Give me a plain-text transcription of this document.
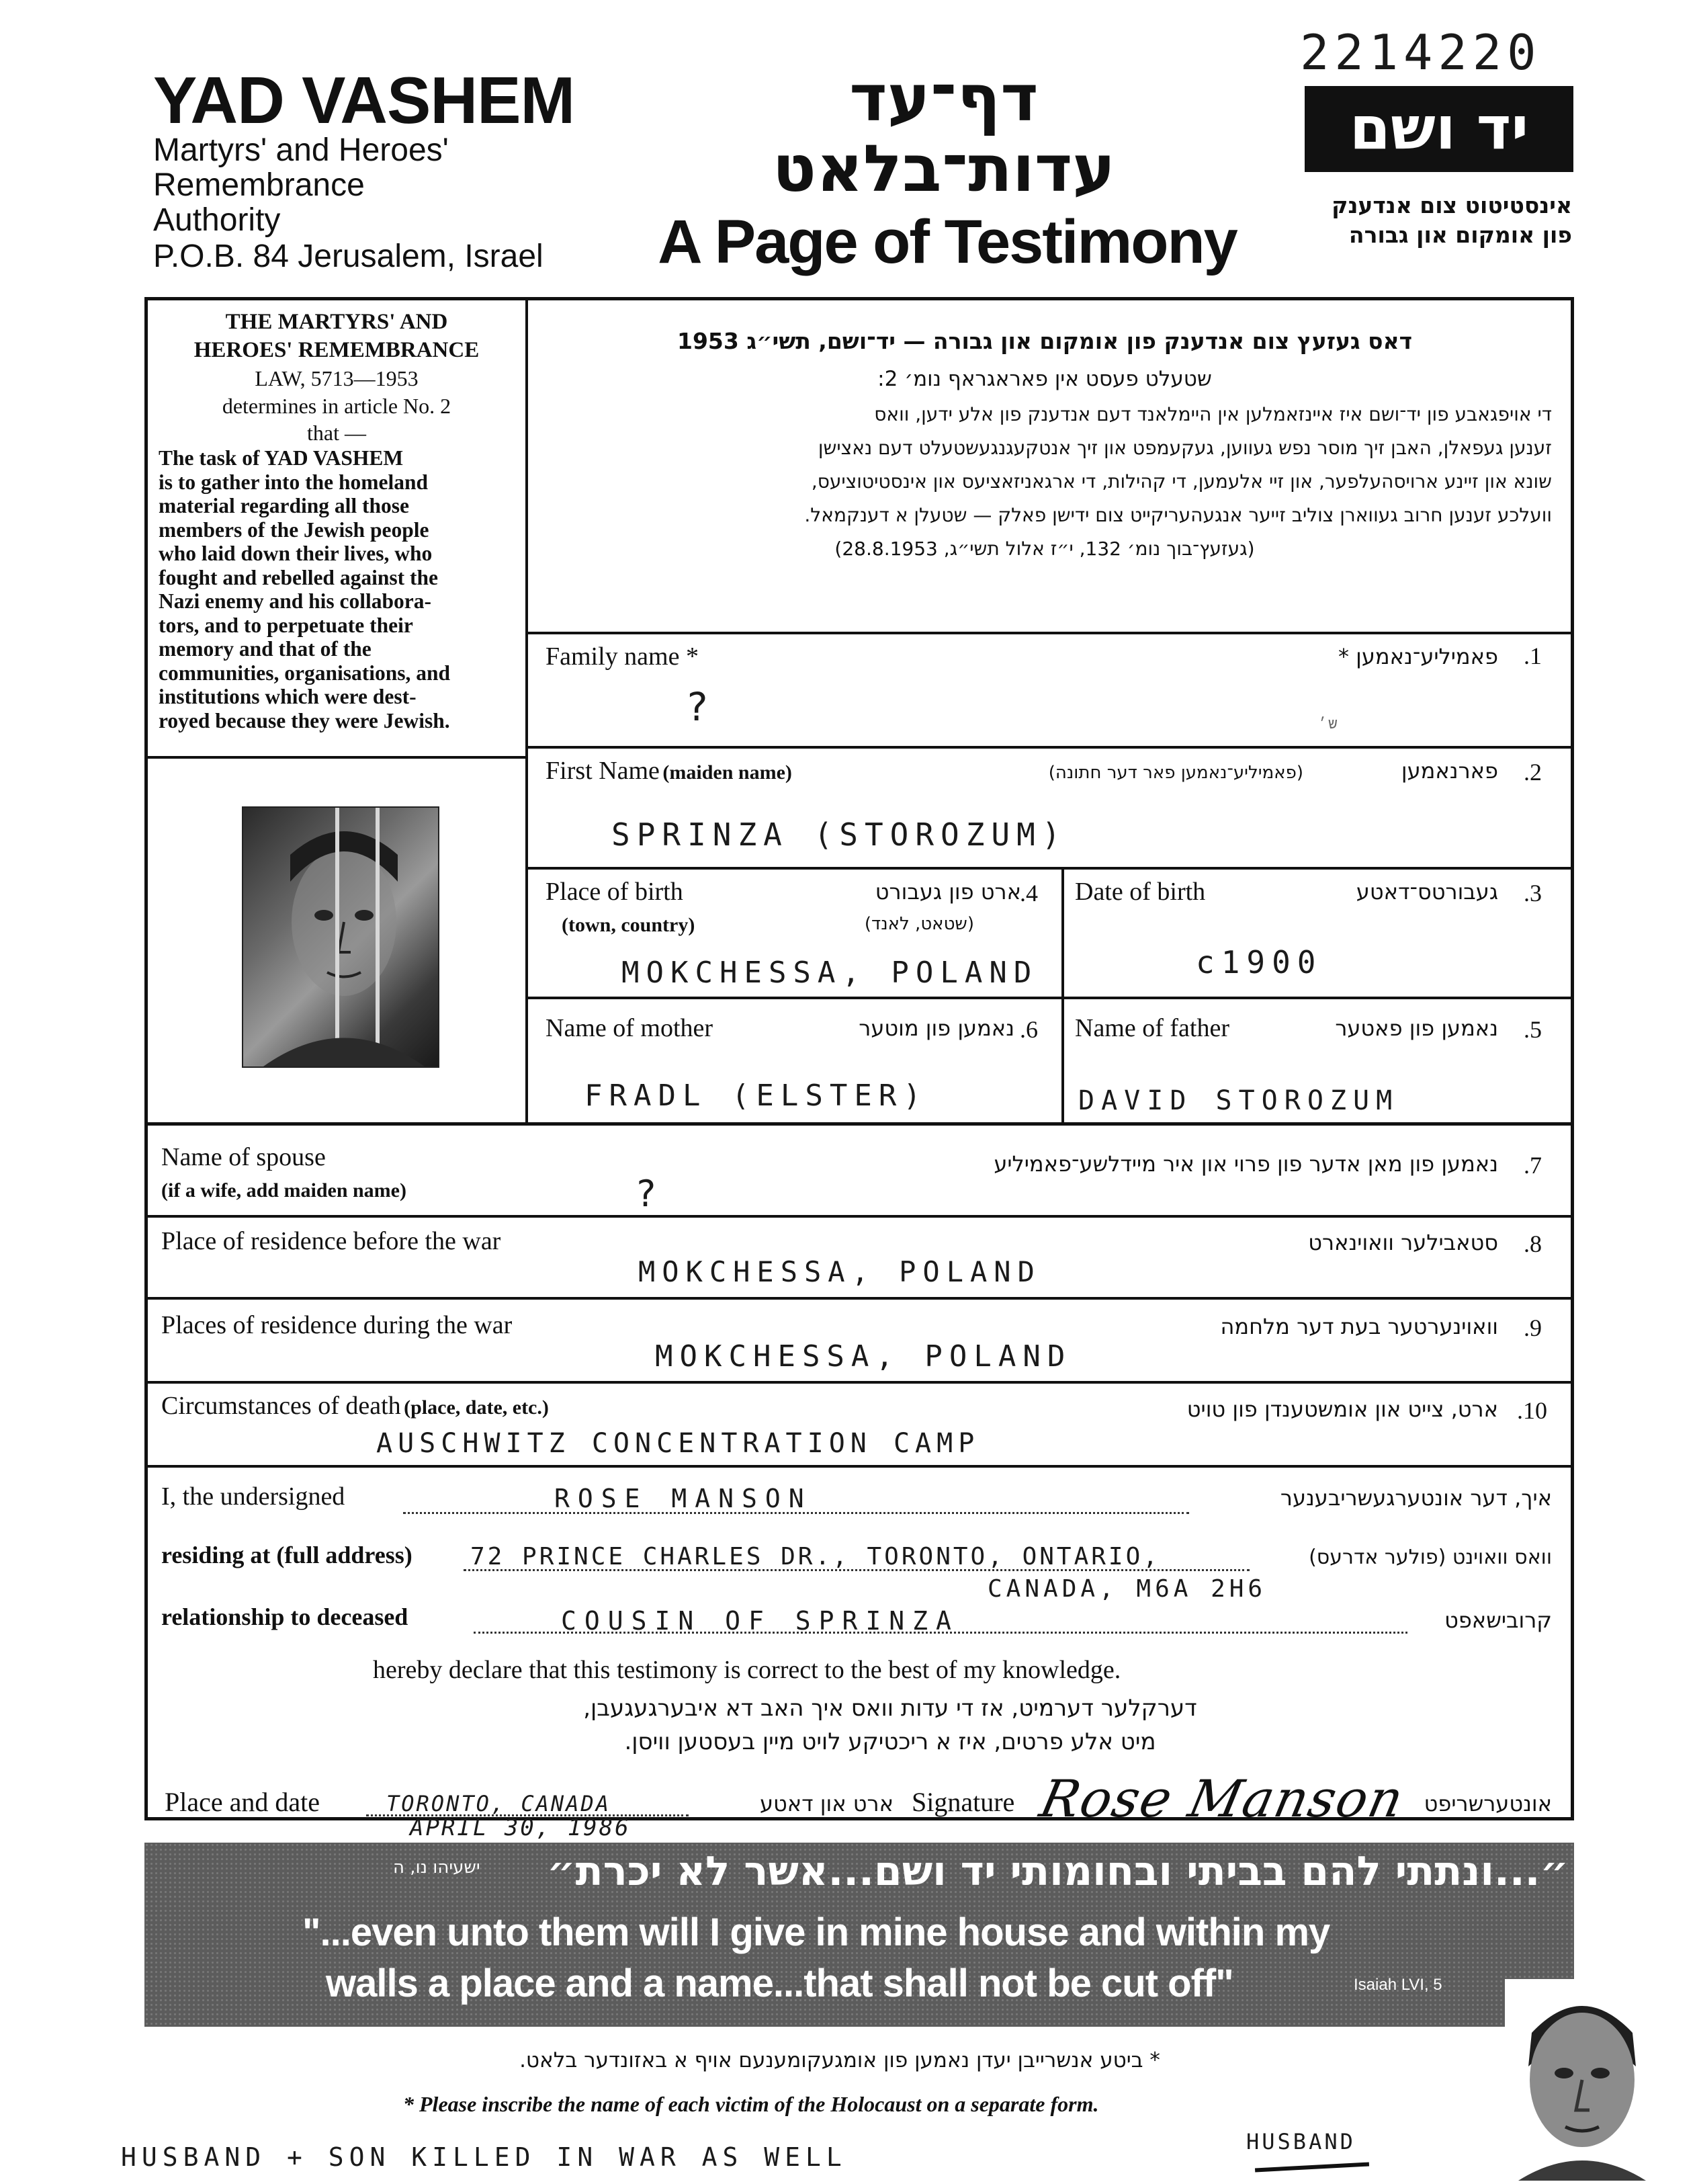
2214220
YAD VASHEM
Martyrs' and Heroes'
Remembrance
Authority
P.O.B. 84 Jerusalem, Israel
דף־עד
עדות־בלאט
A Page of Testimony
יד ושם
אינסטיטוט צום אנדענק
פון אומקום און גבורה
THE MARTYRS' AND
HEROES' REMEMBRANCE
LAW, 5713—1953
determines in article No. 2
that —
The task of YAD VASHEM
is to gather into the homeland
material regarding all those
members of the Jewish people
who laid down their lives, who
fought and rebelled against the
Nazi enemy and his collabora-
tors, and to perpetuate their
memory and that of the
communities, organisations, and
institutions which were dest-
royed because they were Jewish.
דאס געזעץ צום אנדענק פון אומקום און גבורה — יד־ושם, תשי״ג 1953
שטעלט פעסט אין פאראגראף נומ׳ 2:
די אויפגאבע פון יד־ושם איז איינזאמלען אין היימלאנד דעם אנדענק פון אלע ידען, וואס
זענען געפאלן, האבן זיך מוסר נפש געווען, געקעמפט און זיך אנטקעגנגעשטעלט דעם נאצישן
שונא און זיינע ארויסהעלפער, און זיי אלעמען, די קהילות, די ארגאניזאציעס און אינסטיטוציעס,
וועלכע זענען חרוב געווארן צוליב זייער אנגעהעריקייט צום ידישן פאלק — שטעלן א דענקמאל.
(געזעץ־בוך נומ׳ 132, י״ז אלול תשי״ג, 28.8.1953)
Family name *	פאמיליע־נאמען * .1
?	ש׳
First Name (maiden name)	(פאמיליע־נאמען פאר דער חתונה)	פארנאמען .2
SPRINZA (STOROZUM)
Place of birth
(town, country)
ארט פון געבורט
(שטאט, לאנד)
.4
MOKCHESSA, POLAND
Date of birth	געבורטס־דאטע .3
c1900
Name of mother	נאמען פון מוטער .6
FRADL (ELSTER)
Name of father	נאמען פון פאטער .5
DAVID STOROZUM
Name of spouse
(if a wife, add maiden name)
נאמען פון מאן אדער פון פרוי און איר מיידלשע־פאמיליע .7
?
Place of residence before the war	סטאבילער וואוינארט .8
MOKCHESSA, POLAND
Places of residence during the war	וואוינערטער בעת דער מלחמה .9
MOKCHESSA, POLAND
Circumstances of death (place, date, etc.)	ארט, צייט און אומשטענדן פון טויט .10
AUSCHWITZ CONCENTRATION CAMP
I, the undersigned	ROSE MANSON	איך, דער אונטערגעשריבענער
residing at (full address) 72 PRINCE CHARLES DR., TORONTO, ONTARIO,
CANADA, M6A 2H6
וואס וואוינט (פולער אדרעס)
relationship to deceased	COUSIN OF SPRINZA	קרובישאפט
hereby declare that this testimony is correct to the best of my knowledge.
דערקלער דערמיט, אז די עדות וואס איך האב דא איבערגעגעבן,
מיט אלע פרטים, איז א ריכטיקע לויט מיין בעסטען וויסן.
Place and date	TORONTO, CANADA
APRIL 30, 1986
ארט און דאטע Signature Rose Manson אונטערשריפט
ישעיהו נו, ה	״...ונתתי להם בביתי ובחומותי יד ושם...אשר לא יכרת״
"...even unto them will I give in mine house and within my
walls a place and a name...that shall not be cut off"	Isaiah LVI, 5
* ביטע אנשרייבן יעדן נאמען פון אומגעקומענעם אויף א באזונדער בלאט.
* Please inscribe the name of each victim of the Holocaust on a separate form.
HUSBAND + SON KILLED IN WAR AS WELL
HUSBAND
